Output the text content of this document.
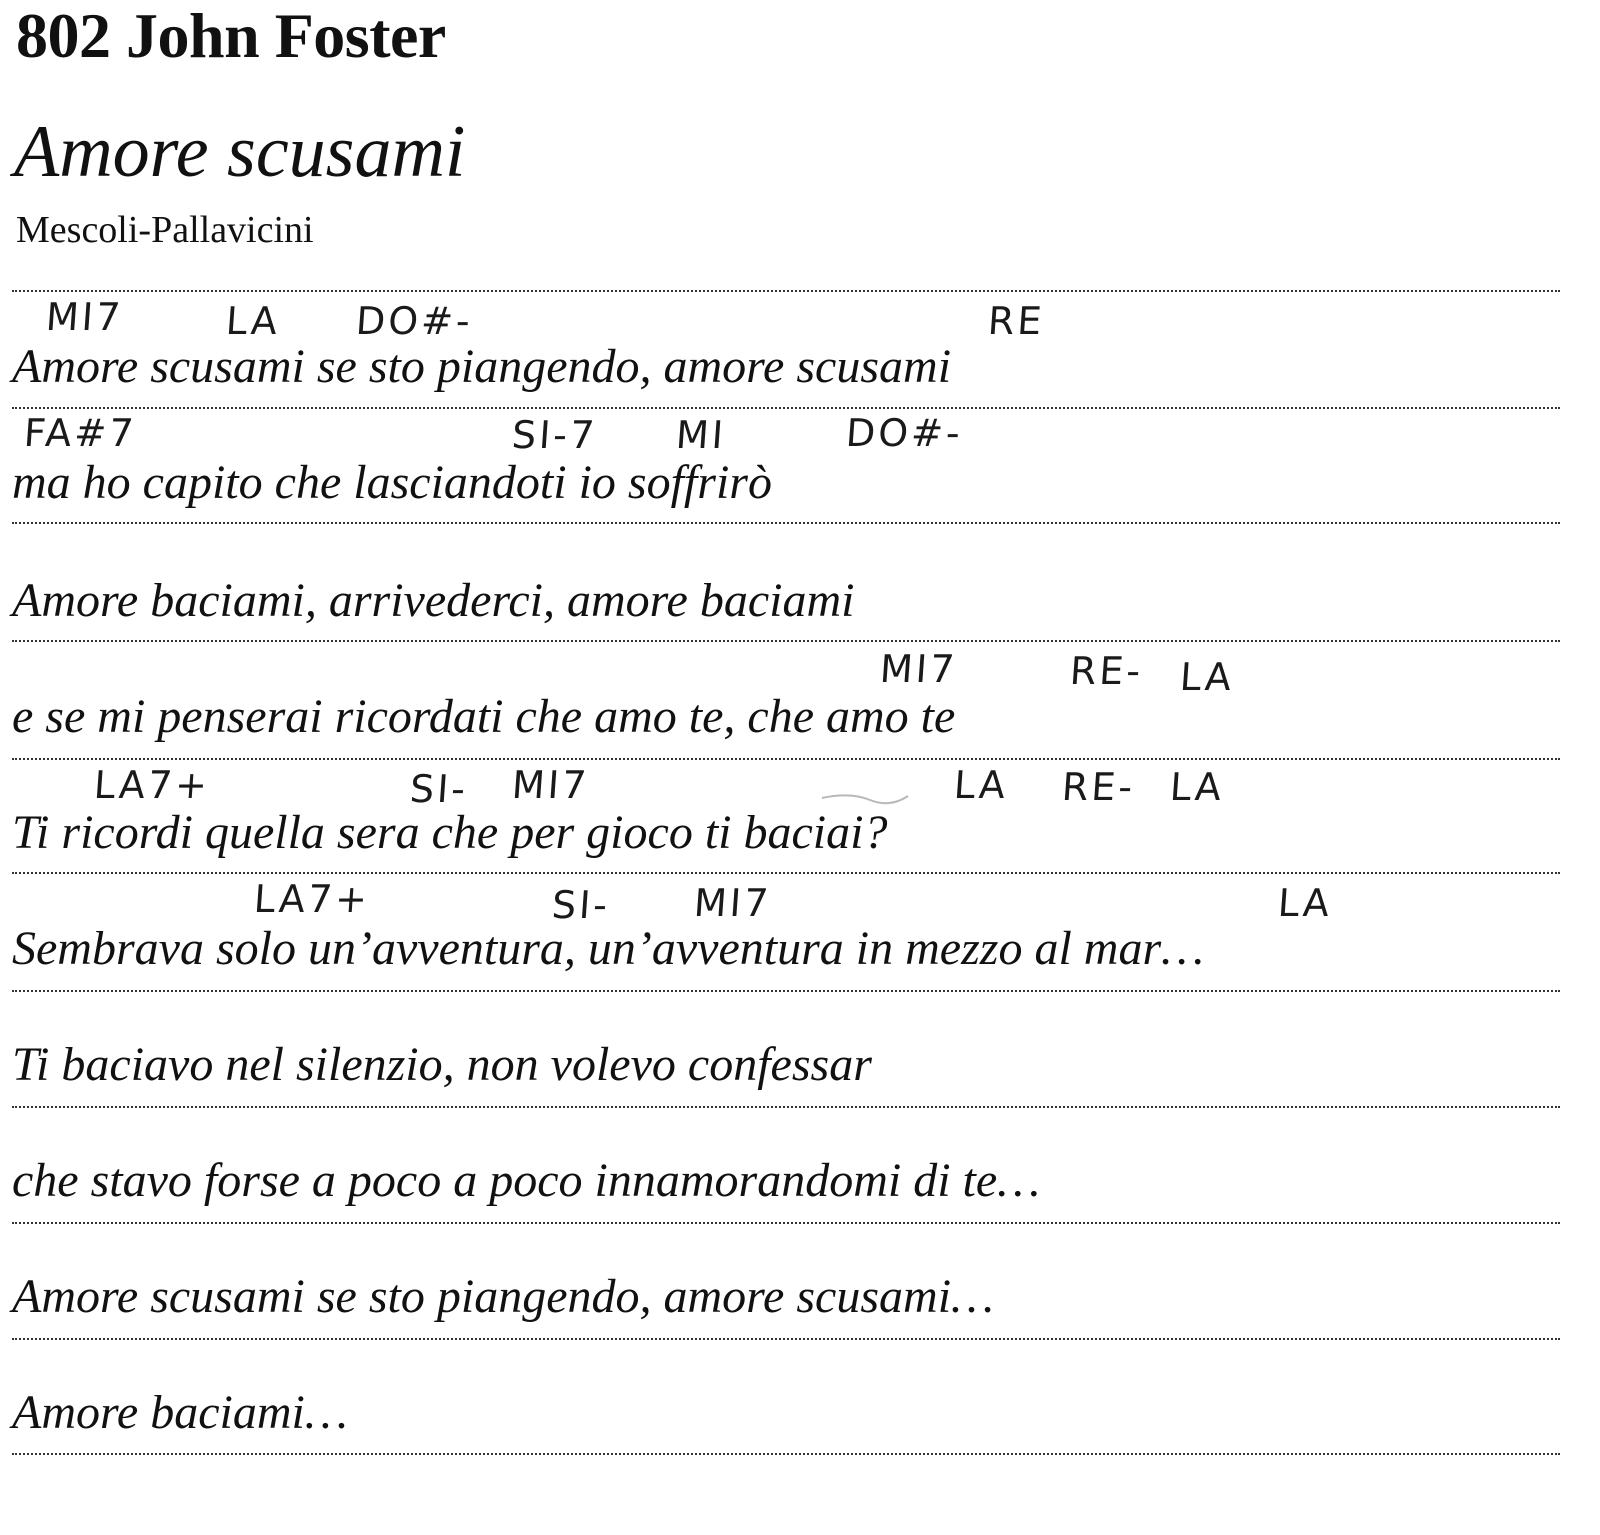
802 John Foster
Amore scusami
Mescoli-Pallavicini
MI7	LA DO#-	RE
Amore scusami se sto piangendo, amore scusami
FA#7	SI-7 MI	DO#-
ma ho capito che lasciandoti io soffrirò
Amore baciami, arrivederci, amore baciami
MI7	RE- LA
e se mi penserai ricordati che amo te, che amo te
LA7+	SI- MI7	LA RE- LA
Ti ricordi quella sera che per gioco ti baciai?
LA7+	SI- MI7	LA
Sembrava solo un’avventura, un’avventura in mezzo al mar…
Ti baciavo nel silenzio, non volevo confessar
che stavo forse a poco a poco innamorandomi di te…
Amore scusami se sto piangendo, amore scusami…
Amore baciami…
